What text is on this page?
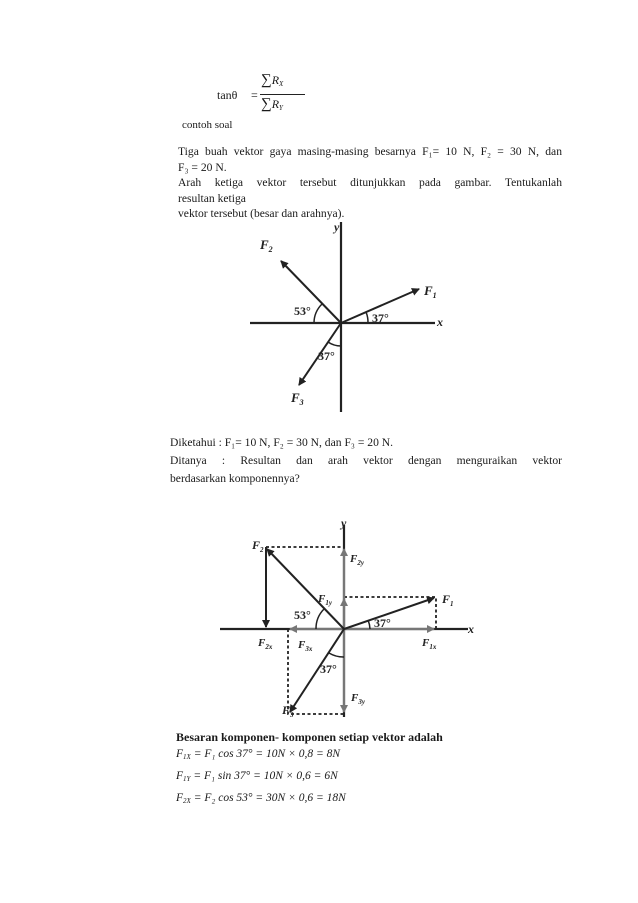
tanθ =
$\sum R_X$
$\sum R_Y$
contoh soal
Tiga buah vektor gaya masing-masing besarnya F₁= 10 N, F₂ = 30 N, dan
F₃ = 20 N.
Arah ketiga vektor tersebut ditunjukkan pada gambar. Tentukanlah
resultan ketiga
vektor tersebut (besar dan arahnya).
$F_1$
$F_2$
$F_3$
x
y
53°	37°
37°
Diketahui : F₁= 10 N, F₂ = 30 N, dan F₃ = 20 N.
Ditanya : Resultan dan arah vektor dengan menguraikan vektor
berdasarkan komponennya?
$F_1$
$F_2$
$F_3$
$F_{1x}$
$F_{1y}$
$F_{2x}$
$F_{2y}$
$F_{3x}$
$F_{3y}$
x
y
53°
37°
37°
Besaran komponen- komponen setiap vektor adalah
$F_{1X} = F_1$ cos 37° = 10N × 0,8 = 8N
$F_{1Y} = F_1$ sin 37° = 10N × 0,6 = 6N
$F_{2X} = F_2$ cos 53° = 30N × 0,6 = 18N
